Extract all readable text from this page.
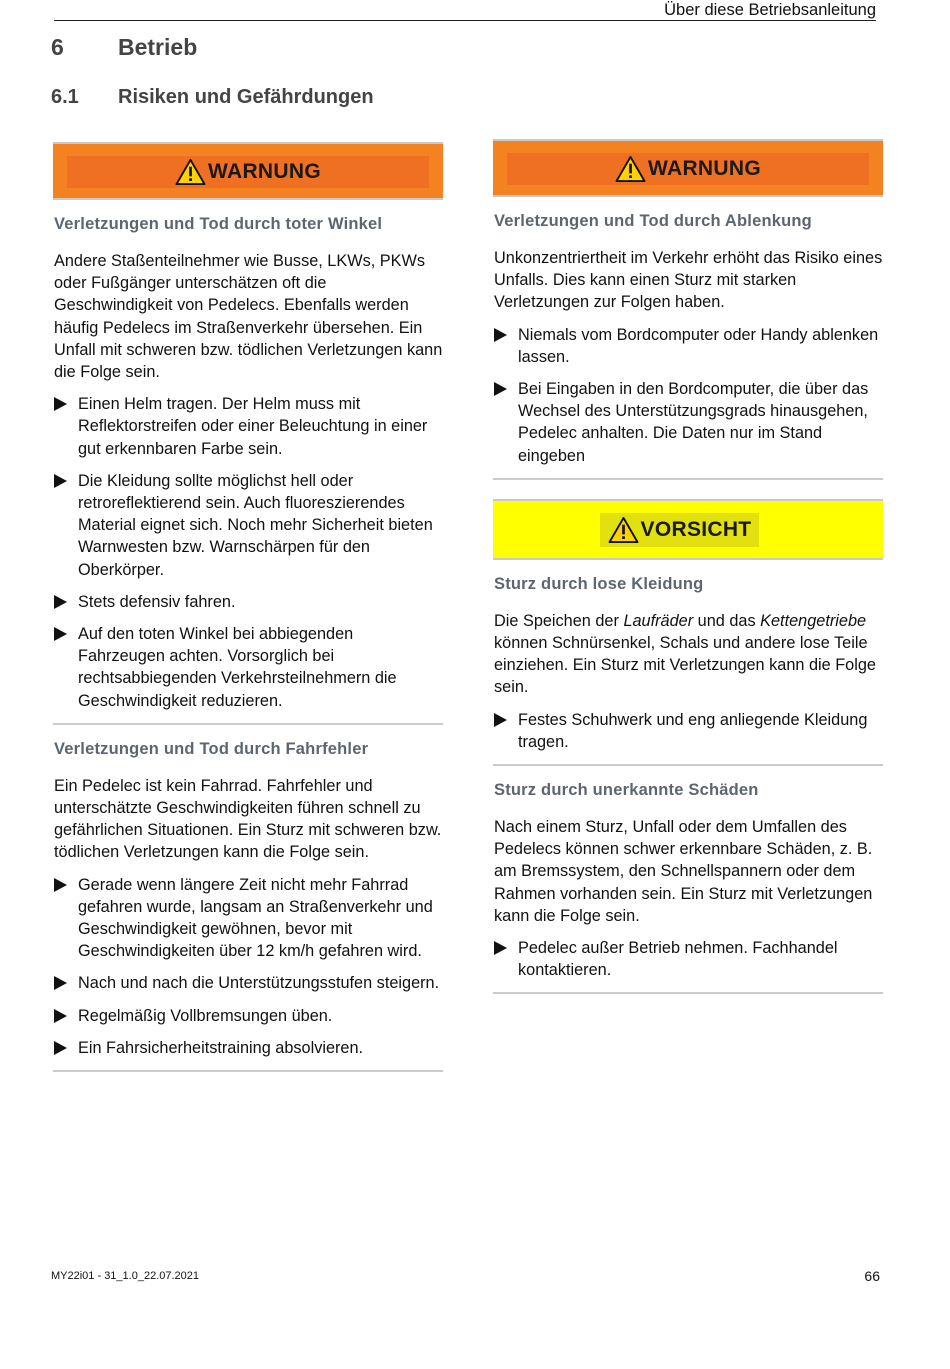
Über diese Betriebsanleitung
6 Betrieb
6.1 Risiken und Gefährdungen
WARNUNG
Verletzungen und Tod durch toter Winkel
Andere Staßenteilnehmer wie Busse, LKWs, PKWs oder Fußgänger unterschätzen oft die Geschwindigkeit von Pedelecs. Ebenfalls werden häufig Pedelecs im Straßenverkehr übersehen. Ein Unfall mit schweren bzw. tödlichen Verletzungen kann die Folge sein.
Einen Helm tragen. Der Helm muss mit Reflektorstreifen oder einer Beleuchtung in einer gut erkennbaren Farbe sein.
Die Kleidung sollte möglichst hell oder retroreflektierend sein. Auch fluoreszierendes Material eignet sich. Noch mehr Sicherheit bieten Warnwesten bzw. Warnschärpen für den Oberkörper.
Stets defensiv fahren.
Auf den toten Winkel bei abbiegenden Fahrzeugen achten. Vorsorglich bei rechtsabbiegenden Verkehrsteilnehmern die Geschwindigkeit reduzieren.
Verletzungen und Tod durch Fahrfehler
Ein Pedelec ist kein Fahrrad. Fahrfehler und unterschätzte Geschwindigkeiten führen schnell zu gefährlichen Situationen. Ein Sturz mit schweren bzw. tödlichen Verletzungen kann die Folge sein.
Gerade wenn längere Zeit nicht mehr Fahrrad gefahren wurde, langsam an Straßenverkehr und Geschwindigkeit gewöhnen, bevor mit Geschwindigkeiten über 12 km/h gefahren wird.
Nach und nach die Unterstützungsstufen steigern.
Regelmäßig Vollbremsungen üben.
Ein Fahrsicherheitstraining absolvieren.
WARNUNG
Verletzungen und Tod durch Ablenkung
Unkonzentriertheit im Verkehr erhöht das Risiko eines Unfalls. Dies kann einen Sturz mit starken Verletzungen zur Folgen haben.
Niemals vom Bordcomputer oder Handy ablenken lassen.
Bei Eingaben in den Bordcomputer, die über das Wechsel des Unterstützungsgrads hinausgehen, Pedelec anhalten. Die Daten nur im Stand eingeben
VORSICHT
Sturz durch lose Kleidung
Die Speichen der Laufräder und das Kettengetriebe können Schnürsenkel, Schals und andere lose Teile einziehen. Ein Sturz mit Verletzungen kann die Folge sein.
Festes Schuhwerk und eng anliegende Kleidung tragen.
Sturz durch unerkannte Schäden
Nach einem Sturz, Unfall oder dem Umfallen des Pedelecs können schwer erkennbare Schäden, z. B. am Bremssystem, den Schnellspannern oder dem Rahmen vorhanden sein. Ein Sturz mit Verletzungen kann die Folge sein.
Pedelec außer Betrieb nehmen. Fachhandel kontaktieren.
MY22i01 - 31_1.0_22.07.2021	66
